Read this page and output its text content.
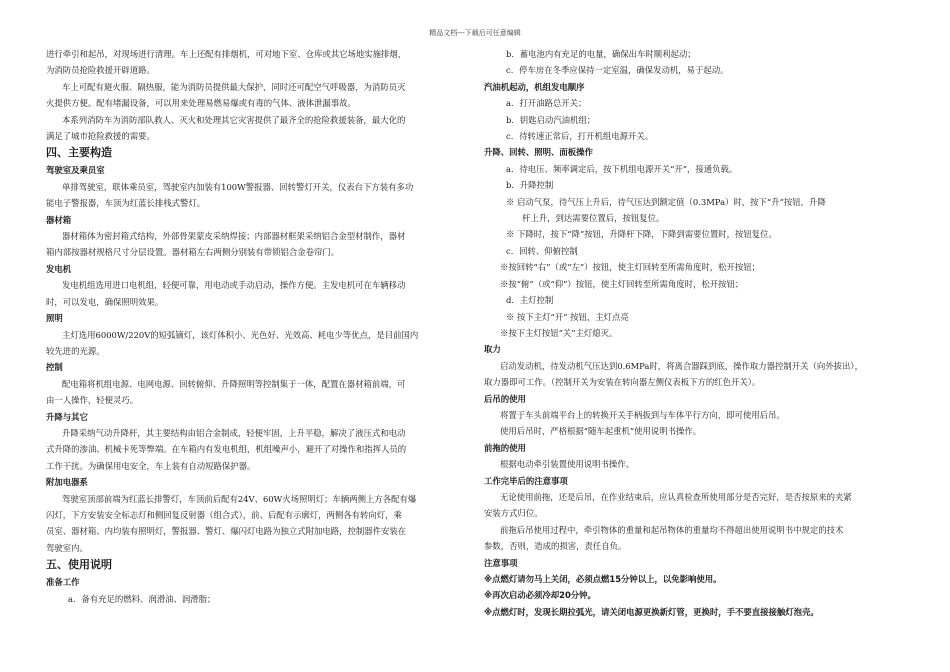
精品文档---下载后可任意编辑
进行牵引和起吊，对现场进行清理。车上还配有排烟机，可对地下室、仓库或其它场地实施排烟，
为消防员抢险救援开辟道路。
车上可配有避火服、隔热服，能为消防员提供最大保护，同时还可配空气呼吸器，为消防员灭
火提供方便。配有堵漏设备，可以用来处理易燃易爆或有毒的气体、液体泄漏事故。
本系列消防车为消防部队救人、灭火和处理其它灾害提供了最齐全的抢险救援装备，最大化的
满足了城市抢险救援的需要。
四、主要构造
驾驶室及乘员室
单排驾驶室，联体乘员室，驾驶室内加装有100W警报器、回转警灯开关，仪表台下方装有多功
能电子警报器，车顶为红蓝长排栈式警灯。
器材箱
器材箱体为密封箱式结构，外部骨架蒙皮采纳焊接；内部器材框架采纳铝合金型材制作，器材
箱内部按器材规格尺寸分层设置。器材箱左右两侧分别装有带锁铝合金卷帘门。
发电机
发电机组选用进口电机组，轻便可靠，用电动或手动启动，操作方便。主发电机可在车辆移动
时，可以发电，确保照明效果。
照明
主灯选用6000W/220V的短弧镝灯，该灯体积小、光色好、光效高、耗电少等优点，是目前国内
较先进的光源。
控制
配电箱将机组电源、电网电源、回转俯仰、升降照明等控制集于一体，配置在器材箱前端，可
由一人操作，轻便灵巧。
升降与其它
升降采纳气动升降杆，其主要结构由铝合金制成，轻便牢固，上升平稳，解决了液压式和电动
式升降的渗油、机械卡死等弊端。在车箱内有发电机组，机组噪声小，避开了对操作和指挥人员的
工作干扰。为确保用电安全，车上装有自动短路保护器。
附加电器系
驾驶室顶部前端为红蓝长排警灯，车顶前后配有24V、60W火场照明灯；车辆两侧上方各配有爆
闪灯，下方安装安全标志灯和侧回复反射器（组合式），前、后配有示廓灯，两侧各有转向灯，乘
员室、器材箱、内均装有照明灯，警报器、警灯、爆闪灯电路为独立式附加电路，控制器件安装在
驾驶室内。
五、使用说明
准备工作
a．备有充足的燃料、润滑油、润滑脂；
b．蓄电池内有充足的电量，确保出车时顺利起动；
c．停车房在冬季应保持一定室温，确保发动机，易于起动。
汽油机起动，机组发电顺序
a．打开油路总开关；
b．钥匙启动汽油机组；
c．待转速正常后，打开机组电源开关。
升降、回转、照明、面板操作
a．待电压、频率调定后，按下机组电源开关“开”，接通负载。
b．升降控制
※ 启动气泵，待气压上升后，待气压达到额定值（0.3MPa）时，按下“升”按钮，升降
杆上升，到达需要位置后，按钮复位。
※ 下降时，按下“降”按钮，升降杆下降，下降到需要位置时，按钮复位。
c．回转、仰俯控制
※按回转“右”（或“左”）按钮，使主灯回转至所需角度时，松开按钮；
※按“俯”（或“仰”）按钮，使主灯回转至所需角度时，松开按钮；
d．主灯控制
※ 按下主灯“开” 按钮，主灯点亮
※按下主灯按钮“关”主灯熄灭。
取力
启动发动机，待发动机气压达到0.6MPa时，将离合器踩到底，操作取力器控制开关（向外拔出），
取力器即可工作。（控制开关为安装在转向器左侧仪表板下方的红色开关）。
后吊的使用
将置于车头前端平台上的转换开关手柄扳到与车体平行方向，即可使用后吊。
使用后吊时，严格根据“随车起重机”使用说明书操作。
前拖的使用
根据电动牵引装置使用说明书操作。
工作完毕后的注意事项
无论使用前拖，还是后吊，在作业结束后，应认真检查所使用部分是否完好，是否按原来的夹紧
安装方式归位。
前拖后吊使用过程中，牵引物体的重量和起吊物体的重量均不得超出使用说明书中规定的技术
参数，否则，造成的损害，责任自负。
注意事项
※点燃灯请勿马上关闭，必须点燃15分钟以上，以免影响使用。
※再次启动必须冷却20分钟。
※点燃灯时，发现长期拉弧光，请关闭电源更换新灯管，更换时，手不要直接接触灯泡壳。
